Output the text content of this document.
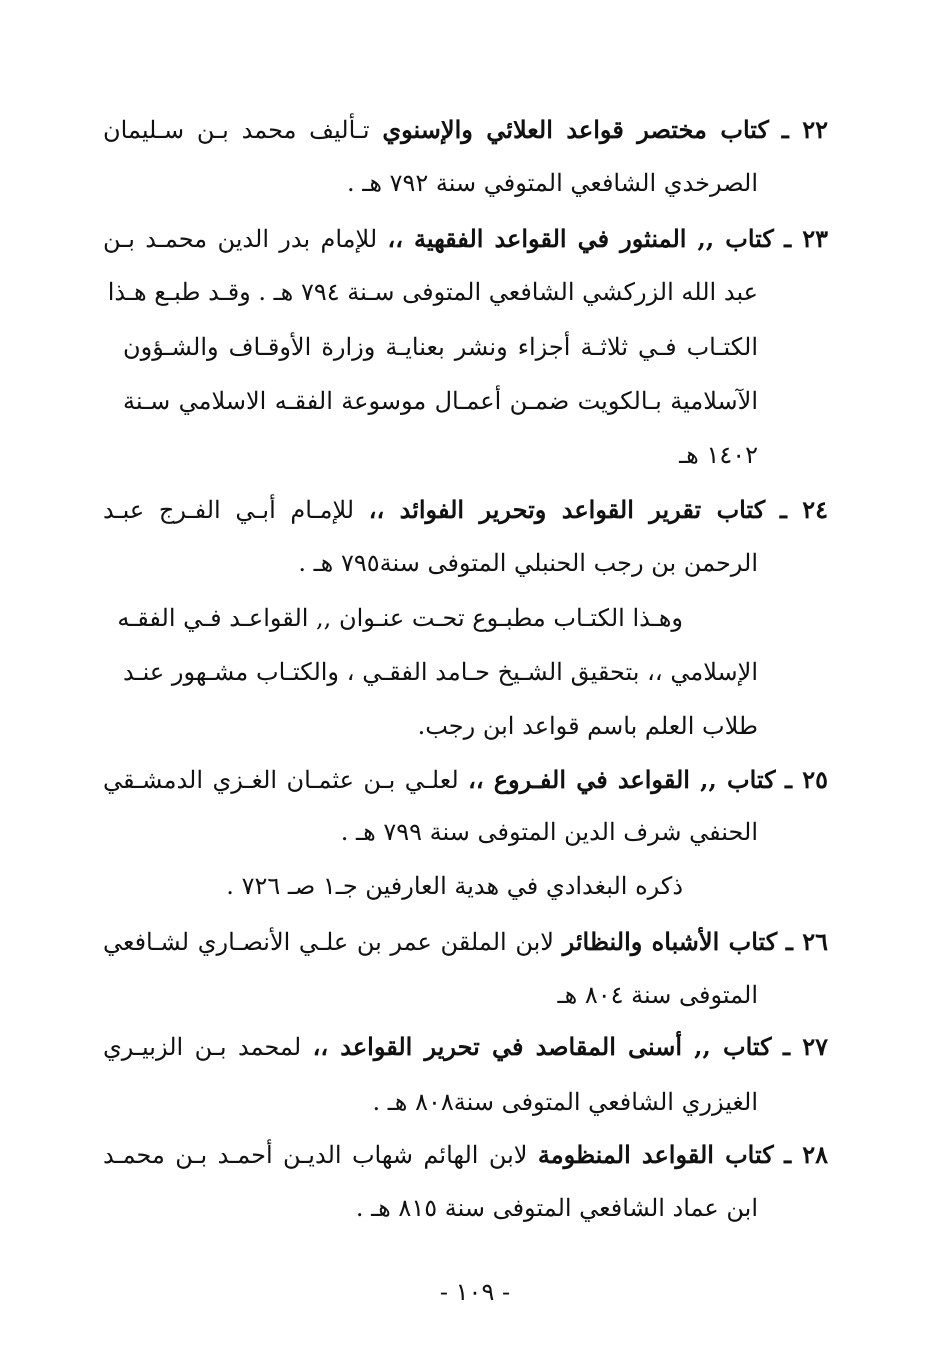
٢٢ ـ كتاب مختصر قواعد العلائي والإسنوي تـأليف محمد بـن سـليمان
الصرخدي الشافعي المتوفي سنة ٧٩٢ هـ .
٢٣ ـ كتاب ,, المنثور في القواعد الفقهية ،، للإمام بدر الدين محمـد بـن
عبد الله الزركشي الشافعي المتوفى سـنة ٧٩٤ هـ . وقـد طبـع هـذا
الكتـاب فـي ثلاثـة أجزاء ونشر بعنايـة وزارة الأوقـاف والشـؤون
الآسلامية بـالكويت ضمـن أعمـال موسوعة الفقـه الاسلامي سـنة
١٤٠٢ هـ
٢٤ ـ كتاب تقرير القواعد وتحرير الفوائد ،، للإمـام أبـي الفـرج عبـد
الرحمن بن رجب الحنبلي المتوفى سنة٧٩٥ هـ .
وهـذا الكتـاب مطبـوع تحـت عنـوان ,, القواعـد فـي الفقـه
الإسلامي ،، بتحقيق الشـيخ حـامد الفقـي ، والكتـاب مشـهور عنـد
طلاب العلم باسم قواعد ابن رجب.
٢٥ ـ كتاب ,, القواعد في الفـروع ،، لعلـي بـن عثمـان الغـزي الدمشـقي
الحنفي شرف الدين المتوفى سنة ٧٩٩ هـ .
ذكره البغدادي في هدية العارفين جـ١ صـ ٧٢٦ .
٢٦ ـ كتاب الأشباه والنظائر لابن الملقن عمر بن علـي الأنصـاري لشـافعي
المتوفى سنة ٨٠٤ هـ
٢٧ ـ كتاب ,, أسنى المقاصد في تحرير القواعد ،، لمحمد بـن الزبيـري
الغيزري الشافعي المتوفى سنة٨٠٨ هـ .
٢٨ ـ كتاب القواعد المنظومة لابن الهائم شهاب الديـن أحمـد بـن محمـد
ابن عماد الشافعي المتوفى سنة ٨١٥ هـ .
- ١٠٩ -
